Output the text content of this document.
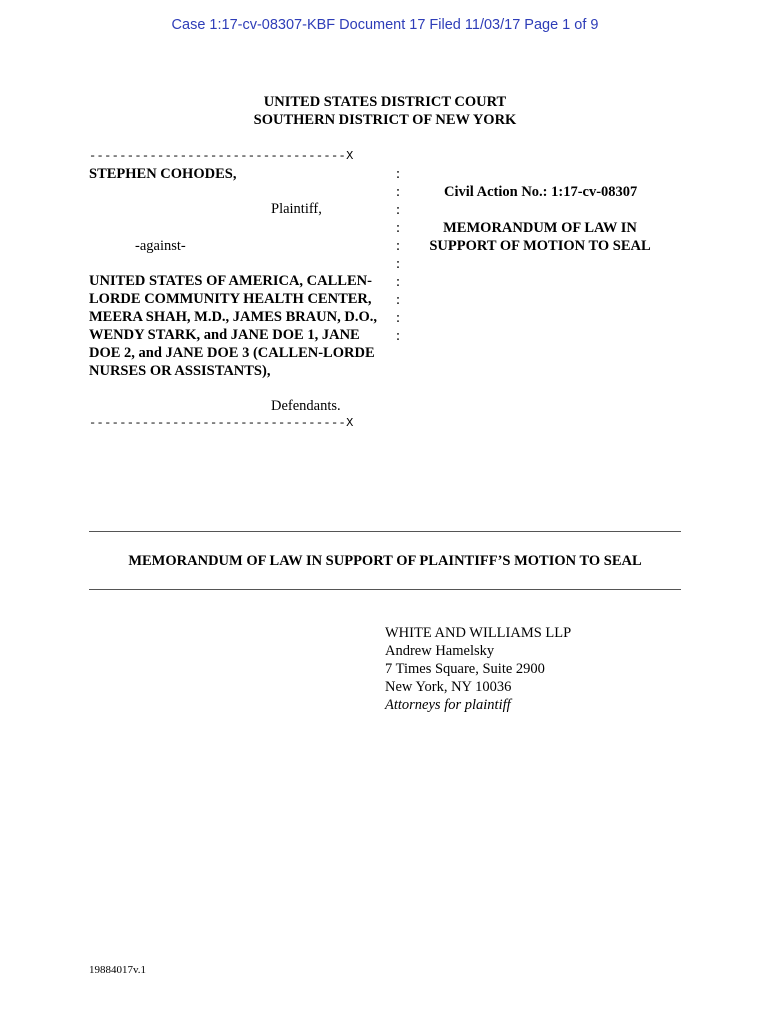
Case 1:17-cv-08307-KBF Document 17 Filed 11/03/17 Page 1 of 9
UNITED STATES DISTRICT COURT
SOUTHERN DISTRICT OF NEW YORK
----------------------------------X
STEPHEN COHODES,
Plaintiff,
-against-
UNITED STATES OF AMERICA, CALLEN-
LORDE COMMUNITY HEALTH CENTER,
MEERA SHAH, M.D., JAMES BRAUN, D.O.,
WENDY STARK, and JANE DOE 1, JANE
DOE 2, and JANE DOE 3 (CALLEN-LORDE
NURSES OR ASSISTANTS),
Defendants.
----------------------------------X
:
:
:
:
:
:
:
:
:
:
Civil Action No.: 1:17-cv-08307
MEMORANDUM OF LAW IN
SUPPORT OF MOTION TO SEAL
MEMORANDUM OF LAW IN SUPPORT OF PLAINTIFF’S MOTION TO SEAL
WHITE AND WILLIAMS LLP
Andrew Hamelsky
7 Times Square, Suite 2900
New York, NY 10036
Attorneys for plaintiff
19884017v.1
